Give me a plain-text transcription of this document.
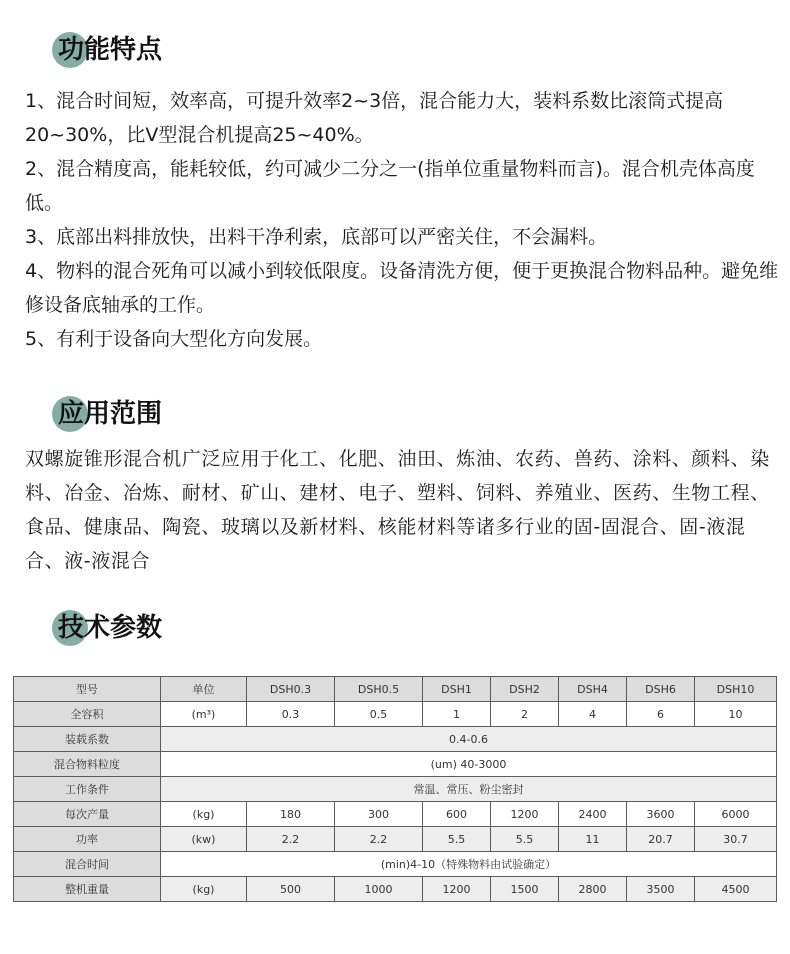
功能特点

1、混合时间短，效率高，可提升效率2~3倍，混合能力大，装料系数比滚筒式提高20~30%，比V型混合机提高25~40%。

2、混合精度高，能耗较低，约可减少二分之一(指单位重量物料而言)。混合机壳体高度低。

3、底部出料排放快，出料干净利索，底部可以严密关住，不会漏料。

4、物料的混合死角可以减小到较低限度。设备清洗方便，便于更换混合物料品种。避免维修设备底轴承的工作。

5、有利于设备向大型化方向发展。

应用范围

双螺旋锥形混合机广泛应用于化工、化肥、油田、炼油、农药、兽药、涂料、颜料、染料、冶金、冶炼、耐材、矿山、建材、电子、塑料、饲料、养殖业、医药、生物工程、食品、健康品、陶瓷、玻璃以及新材料、核能材料等诸多行业的固-固混合、固-液混合、液-液混合

技术参数
型号	单位	DSH0.3	DSH0.5	DSH1	DSH2	DSH4	DSH6	DSH10
全容积	(m³)	0.3	0.5	1	2	4	6	10
装载系数	0.4-0.6							
混合物料粒度	(um) 40-3000							
工作条件	常温、常压、粉尘密封							
每次产量	(kg)	180	300	600	1200	2400	3600	6000
功率	(kw)	2.2	2.2	5.5	5.5	11	20.7	30.7
混合时间	(min)4-10（特殊物料由试验确定）							
整机重量	(kg)	500	1000	1200	1500	2800	3500	4500
